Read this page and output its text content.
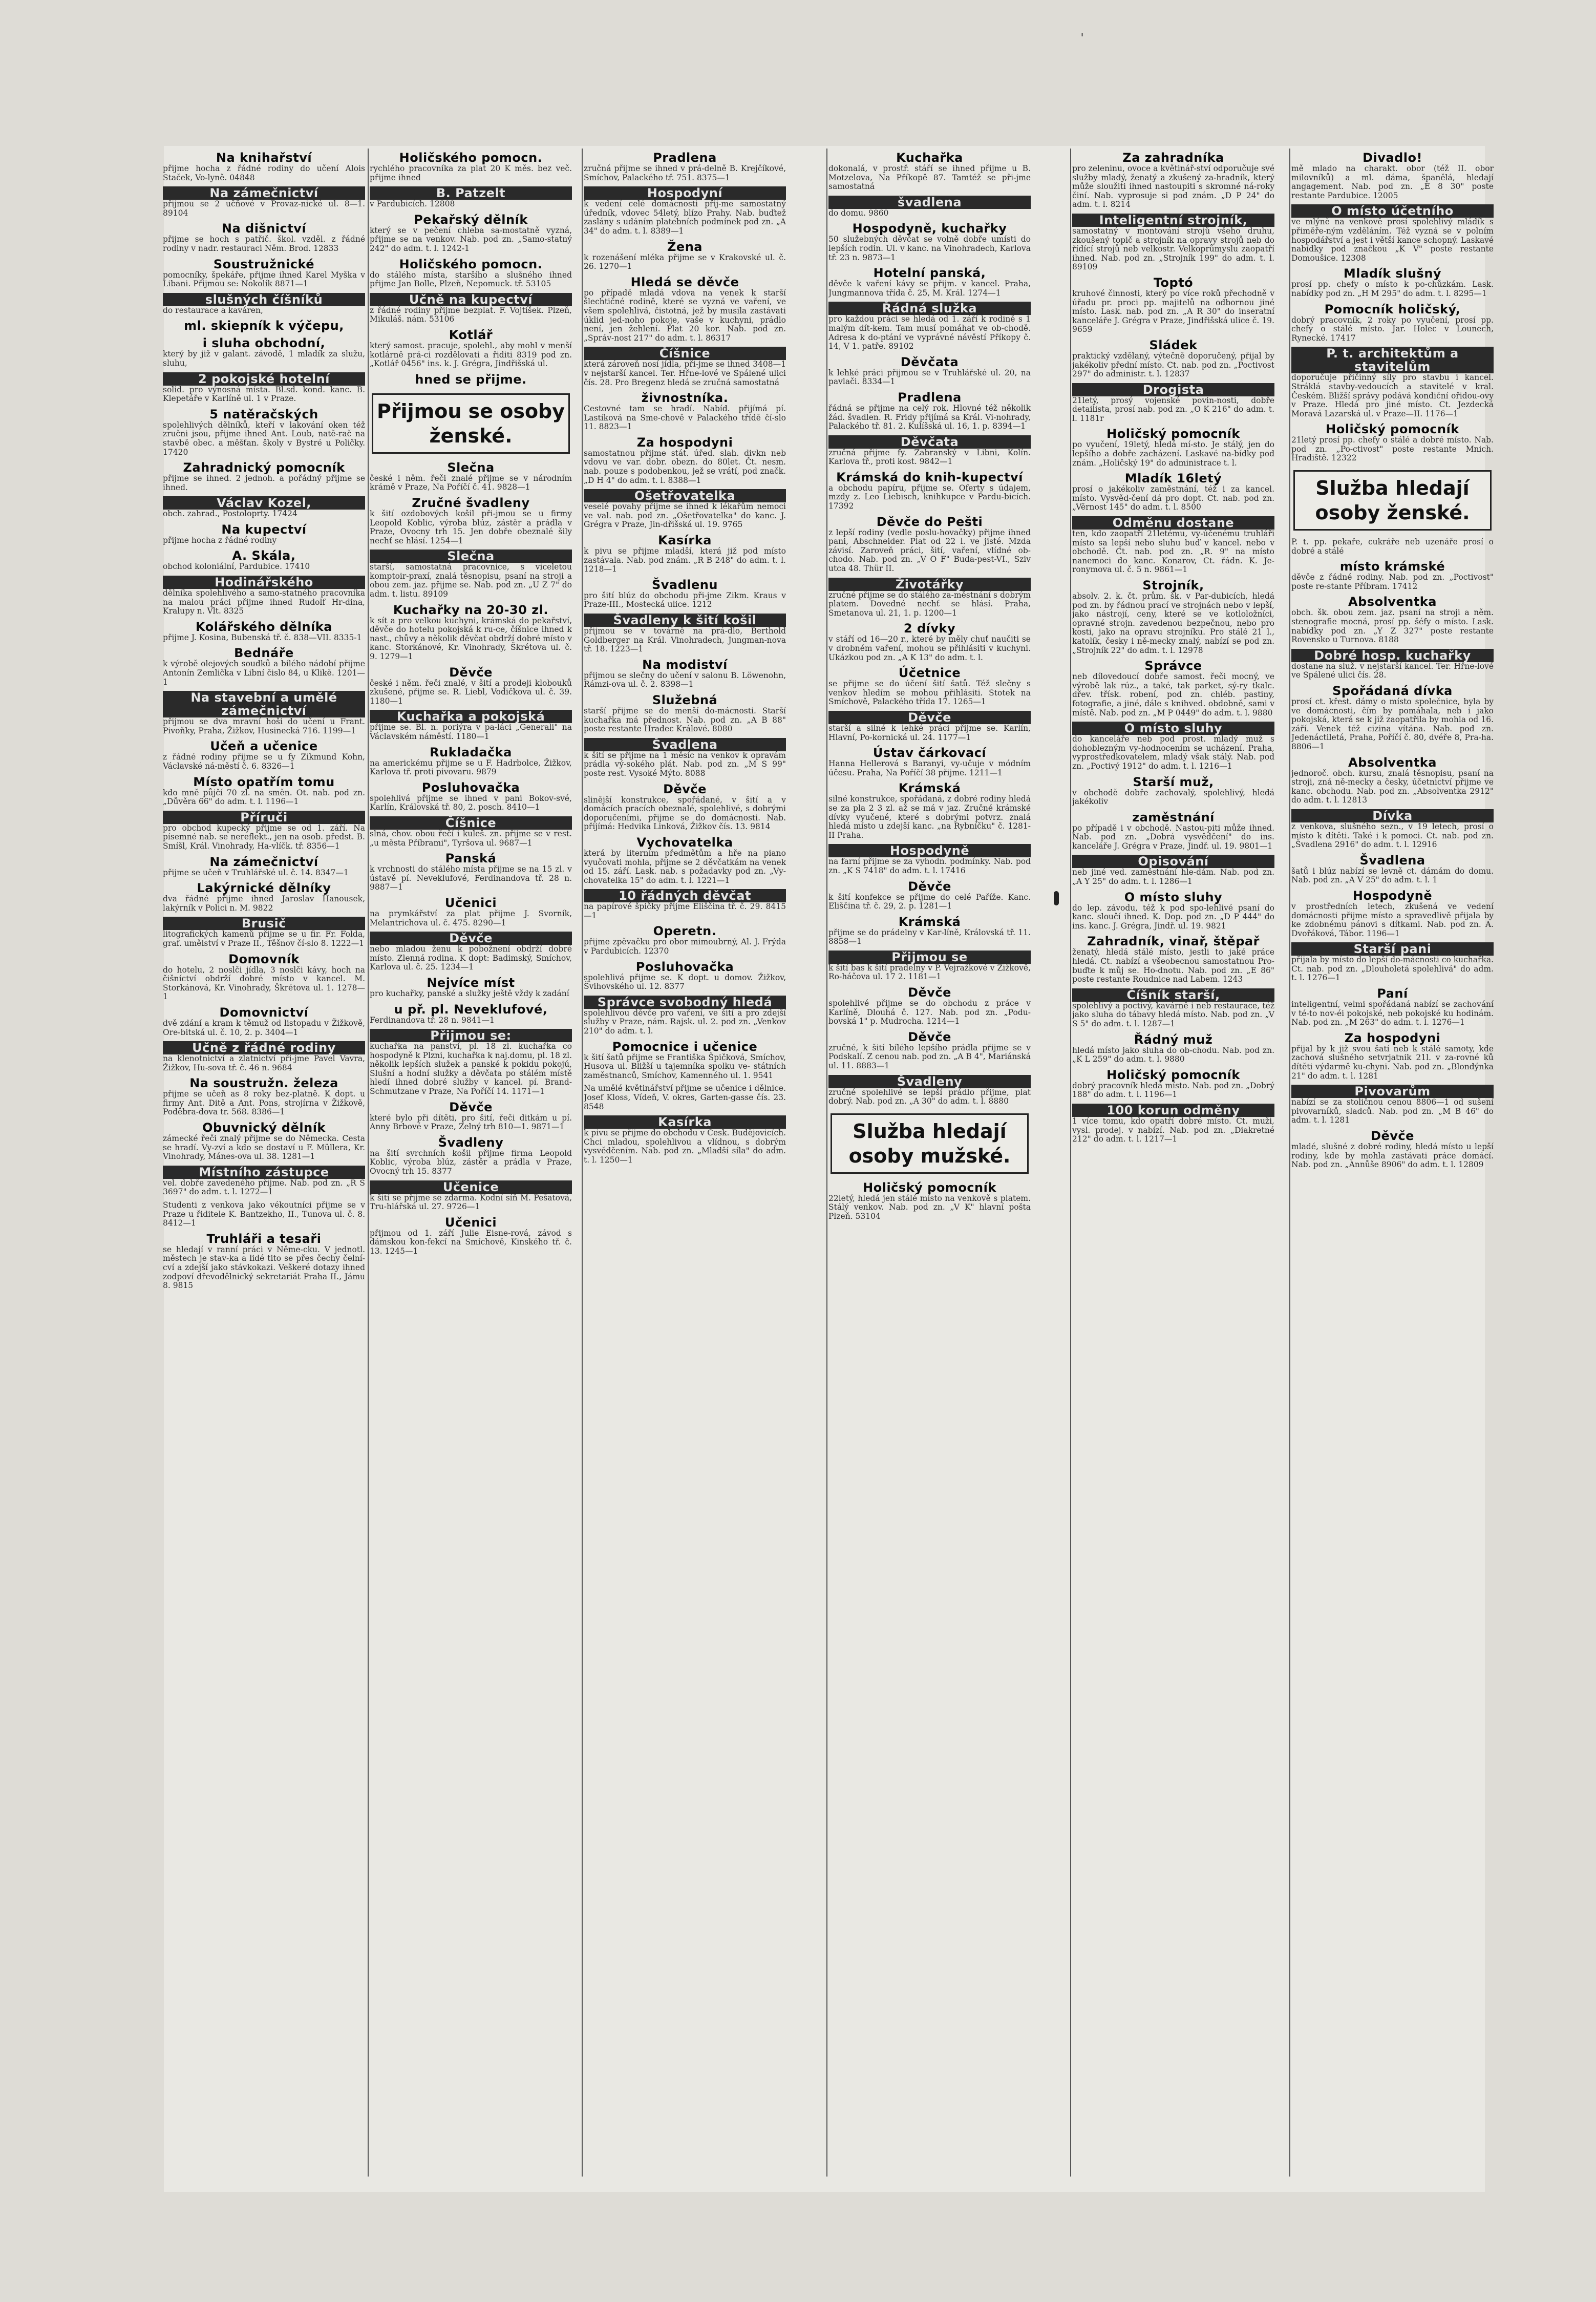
'
Na knihařství
přijme hocha z řádné rodiny do učení Alois Staček, Vo-lyně. 04848
Na zámečnictví
přijmou se 2 učňové v Provaz-nické ul. 8—1. 89104
Na dišnictví
přijme se hoch s patřič. škol. vzděl. z řádné rodiny v nadr. restauraci Něm. Brod. 12833
Soustružnické
pomocníky, špekáře, přijme ihned Karel Myška v Libani. Přijmou se: Nokolík 8871—1
slušných číšníků
do restaurace a kaváren,
ml. skiepník k výčepu,
i sluha obchodní,
který by již v galant. závodě, 1 mladík za služu, sluhu,
2 pokojské hotelní
solid. pro výnosná místa. Bl.sd. kond. kanc. B. Klepetáře v Karlíně ul. 1 v Praze.
5 natěračských
spolehlivých dělníků, kteří v lakování oken též zručni jsou, přijme ihned Ant. Loub, natě-rač na stavbě obec. a měšťan. školy v Bystré u Poličky. 17420
Zahradnický pomocník
přijme se ihned. 2 jednoh. a pořádný přijme se ihned.
Václav Kozel,
obch. zahrad., Postoloprty. 17424
Na kupectví
přijme hocha z řádné rodiny
A. Skála,
obchod koloniální, Pardubice. 17410
Hodinářského
dělníka spolehlivého a samo-statného pracovníka na malou práci přijme ihned Rudolf Hr-dina, Kralupy n. Vlt. 8325
Kolářského dělníka
přijme J. Kosina, Bubenská tř. č. 838—VII. 8335-1
Bednáře
k výrobě olejových soudků a bílého nádobí přijme Antonín Zemlička v Libní čislo 84, u Klikě. 1201—1
Na stavební a umělé zámečnictví
přijmou se dva mravní hoši do učení u Frant. Pivoňky, Praha, Žižkov, Husinecká 716. 1199—1
Učeň a učenice
z řádné rodiny přijme se u fy Zikmund Kohn, Václavské ná-městí č. 6. 8326—1
Místo opatřím tomu
kdo mně půjčí 70 zl. na směn. Ot. nab. pod zn. „Důvěra 66" do adm. t. l. 1196—1
Příruči
pro obchod kupecký přijme se od 1. září. Na písemné nab. se nereflekt., jen na osob. předst. B. Smíšl, Král. Vinohrady, Ha-vlíčk. tř. 8356—1
Na zámečnictví
přijme se učeň v Truhlářské ul. č. 14. 8347—1
Lakýrnické dělníky
dva řádné přijme ihned Jaroslav Hanousek, lakýrník v Polici n. M. 9822
Brusič
litografických kamenů přijme se u fir. Fr. Folda, graf. umělství v Praze II., Těšnov čí-slo 8. 1222—1
Domovník
do hotelu, 2 noslči jídla, 3 noslči kávy, hoch na čišníctví obdrží dobré místo v kancel. M. Storkánová, Kr. Vinohrady, Škrétova ul. 1. 1278—1
Domovnictví
dvě zdání a kram k těmuž od listopadu v Žižkově, Ore-bitská ul. č. 10, 2. p. 3404—1
Učně z řádné rodiny
na klenotnictví a zlatnictví při-jme Pavel Vavra, Žižkov, Hu-sova tř. č. 46 n. 9684
Na soustružn. železa
přijme se učeň as 8 roky bez-platně. K dopt. u firmy Ant. Ditě a Ant. Pons, strojírna v Žižkově, Poděbra-dova tr. 568. 8386—1
Obuvnický dělník
zámecké řeči znalý přijme se do Německa. Cesta se hradí. Vy-zví a kdo se dostaví u F. Müllera, Kr. Vinohrady, Mánes-ova ul. 38. 1281—1
Místního zástupce
vel. dobře zavedeného přijme. Nab. pod zn. „R S 3697" do adm. t. l. 1272—1
Studenti z venkova jako vékoutníci přijme se v Praze u řiditele K. Bantzekho, II., Tunova ul. č. 8. 8412—1
Truhláři a tesaři
se hledají v ranní práci v Něme-cku. V jednotl. městech je stav-ka a lidé tito se přes čechy čelní-cví a zdejší jako stávkokazi. Veškeré dotazy ihned zodpoví dřevodělnický sekretariát Praha II., Jámu 8. 9815
Holičského pomocn.
rychlého pracovníka za plat 20 K měs. bez več. přijme ihned
B. Patzelt
v Pardubicích. 12808
Pekařský dělník
který se v pečení chleba sa-mostatně vyzná, přijme se na venkov. Nab. pod zn. „Samo-statný 242" do adm. t. l. 1242-1
Holičského pomocn.
do stálého místa, staršího a slušného ihned přijme Jan Bolle, Plzeň, Nepomuck. tř. 53105
Učně na kupectví
z řádné rodiny přijme bezplat. F. Vojtíšek. Plzeň, Mikuláš. nám. 53106
Kotlář
který samost. pracuje, spolehl., aby mohl v menší kotlárně prá-ci rozdělovati a řiditi 8319 pod zn. „Kotlář 0456" ins. k. J. Grégra, Jindřišská ul.
hned se přijme.
Přijmou se osoby ženské.
Slečna
české i něm. řeči znalé přijme se v národním krámě v Praze, Na Poříčí č. 41. 9828—1
Zručné švadleny
k šití ozdobových košil při-jmou se u firmy Leopold Koblic, výroba blúz, zástěr a prádla v Praze, Ovocny trh 15. Jen dobře obeznalé šily nechť se hlásí. 1254—1
Slečna
starší, samostatná pracovnice, s viceletou komptoir-praxí, znalá těsnopisu, psaní na stroji a obou zem. jaz. přijme se. Nab. pod zn. „U Z 7" do adm. t. listu. 89109
Kuchařky na 20-30 zl.
k sít a pro velkou kuchyni, krámská do pekařství, děvče do hotelu pokojská k ru-ce, číšnice ihned k nast., chůvy a několik děvčat obdrží dobré místo v kanc. Storkánové, Kr. Vinohrady, Škrétova ul. č. 9. 1279—1
Děvče
české i něm. řeči znalé, v šití a prodeji klobouků zkušené, přijme se. R. Liebl, Vodičkova ul. č. 39. 1180—1
Kuchařka a pokojská
přijme se. Bl. n. poriýra v pa-láci „Generali" na Václavském náměstí. 1180—1
Rukladačka
na americkému přijme se u F. Hadrbolce, Žižkov, Karlova tř. proti pivovaru. 9879
Posluhovačka
spolehlivá přijme se ihned v pani Bokov-své, Karlín, Královská tř. 80, 2. posch. 8410—1
Číšnice
slná, chov. obou řečí i kuleš. zn. přijme se v rest. „u města Příbrami", Tyršova ul. 9687—1
Panská
k vrchnosti do stálého místa přijme se na 15 zl. v ústavě pí. Neveklufové, Ferdinandova tř. 28 n. 9887—1
Učenici
na prymkářství za plat přijme J. Svorník, Melantrichova ul. č. 475. 8290—1
Děvče
nebo mladou ženu k pobožnení obdrží dobré místo. Zlenná rodina. K dopt: Badimský, Smíchov, Karlova ul. č. 25. 1234—1
Nejvíce míst
pro kuchařky, panské a služky ještě vždy k zadání
u př. pl. Neveklufové,
Ferdinandova tř. 28 n. 9841—1
Přijmou se:
kuchařka na panství, pl. 18 zl. kuchařka co hospodyně k Plzni, kuchařka k naj.domu, pl. 18 zl. několik lepších služek a panské k pokidu pokojú, Slušní a hodní služky a děvčata po stálém místě hledí ihned dobré služby v kancel. pí. Brand-Schmutzane v Praze, Na Poříčí 14. 1171—1
Děvče
které bylo při dítěti, pro šití, řeči ditkám u pí. Anny Brbové v Praze, Zelný trh 810—1. 9871—1
Švadleny
na šití svrchních košil přijme firma Leopold Koblic, výroba blúz, zástěr a prádla v Praze, Ovocný trh 15. 8377
Učenice
k šití se přijme se zdarma. Kodní síň M. Pešatová, Tru-hlářská ul. 27. 9726—1
Učenici
přijmou od 1. září Julie Eisne-rová, závod s dámskou kon-fekcí na Smíchově, Kinského tř. č. 13. 1245—1
Pradlena
zručná přijme se ihned v prá-delně B. Krejčíkové, Smíchov, Palackého tř. 751. 8375—1
Hospodyní
k vedení celé domácnosti přij-me samostatný úředník, vdovec 54letý, blízo Prahy. Nab. buďtež zaslány s udáním platebních podmínek pod zn. „A 34" do adm. t. l. 8389—1
Žena
k rozenášení mléka přijme se v Krakovské ul. č. 26. 1270—1
Hledá se děvče
po případě mladá vdova na venek k starší šlechtičné rodině, které se vyzná ve vaření, ve všem spolehlivá, čistotná, jež by musila zastávati úklid jed-noho pokoje, vaše v kuchyni, prádlo není, jen žehlení. Plat 20 kor. Nab. pod zn. „Správ-nost 217" do adm. t. l. 86317
Číšnice
která zároveň nosí jídla, při-jme se ihned 3408—1 v nejstarší kancel. Ter. Hřne-lové ve Spálené ulici čís. 28. Pro Bregenz hledá se zručná samostatná
živnostníka.
Cestovné tam se hradí. Nabíd. přijímá pí. Lastíková na Sme-chově v Palackého třídě čí-slo 11. 8823—1
Za hospodyni
samostatnou přijme stát. úřed. slah. divkn neb vdovu ve var. dobr. obezn. do 80let. Čt. nesm. nab. pouze s podobenkou, jež se vrátí, pod značk. „D H 4" do adm. t. l. 8388—1
Ošetřovatelka
veselé povahy přijme se ihned k lékařům nemoci ve val. nab. pod zn. „Ošetřovatelka" do kanc. J. Grégra v Praze, Jin-dřišská ul. 19. 9765
Kasírka
k pivu se přijme mladší, která již pod místo zastávala. Nab. pod znám. „R B 248" do adm. t. l. 1218—1
Švadlenu
pro šití blúz do obchodu při-jme Zikm. Kraus v Praze-III., Mostecká ulice. 1212
Švadleny k šití košil
přijmou se v továrně na prá-dlo, Berthold Goldberger na Král. Vinohradech, Jungman-nova tř. 18. 1223—1
Na modiství
přijmou se slečny do učení v salonu B. Löwenohn, Rámzi-ova ul. č. 2. 8398—1
Služebná
starší přijme se do menší do-mácnosti. Starší kuchařka má přednost. Nab. pod zn. „A B 88" poste restante Hradec Králové. 8080
Švadlena
k šití se přijme na 1 měsíc na venkov k opravám prádla vý-sokého plát. Nab. pod zn. „M S 99" poste rest. Vysoké Mýto. 8088
Děvče
slinější konstrukce, spořádané, v šití a v domácích pracích obeznalé, spolehlivé, s dobrými doporučeními, přijme se do domácnosti. Nab. přijímá: Hedvika Linková, Žižkov čís. 13. 9814
Vychovatelka
která by literním předmětům a hře na piano vyučovati mohla, přijme se 2 děvčatkám na venek od 15. září. Lask. nab. s požadavky pod zn. „Vy-chovatelka 15" do adm. t. l. 1221—1
10 řádných děvčat
na papírové špičky přijme Eliščina tř. č. 29. 8415—1
Operetn.
přijme zpěvačku pro obor mimoubrný, Al. J. Frýda v Pardubicích. 12370
Posluhovačka
spolehlivá přijme se. K dopt. u domov. Žižkov, Švihovského ul. 12. 8377
Správce svobodný hledá
spolehlivou děvče pro vaření, ve šití a pro zdejší služby v Praze, nám. Rajsk. ul. 2. pod zn. „Venkov 210" do adm. t. l.
Pomocnice i učenice
k šití šatů přijme se Františka Špičková, Smíchov, Husova ul. Bližší u tajemníka spolku ve- státních zaměstnanců, Smíchov, Kamenného ul. 1. 9541
Na umělé květinářství přijme se učenice i dělnice. Josef Kloss, Vídeň, V. okres, Garten-gasse čís. 23. 8548
Kasírka
k pivu se přijme do obchodu v Česk. Budějovicích. Chci mladou, spolehlivou a vlídnou, s dobrým vysvědčením. Nab. pod zn. „Mladší síla" do adm. t. l. 1250—1
Kuchařka
dokonalá, v prostř. stáří se ihned přijme u B. Motzelova, Na Příkopě 87. Tamtéž se při-jme samostatná
švadlena
do domu. 9860
Hospodyně, kuchařky
50 služebných děvčat se volně dobře umísti do lepších rodin. Ul. v kanc. na Vinohradech, Karlova tř. 23 n. 9873—1
Hotelní panská,
děvče k vaření kávy se přijm. v kancel. Praha, Jungmannova třída č. 25, M. Král. 1274—1
Řádná služka
pro každou práci se hledá od 1. září k rodině s 1 malým dít-kem. Tam musí pomáhat ve ob-chodě. Adresa k do-ptání ve vyprávné návěstí Příkopy č. 14, V 1. patře. 89102
Děvčata
k lehké práci přijmou se v Truhlářské ul. 20, na pavlači. 8334—1
Pradlena
řádná se přijme na celý rok. Hlovné též několik žád. švadlen. R. Fridy přijímá sa Král. Vi-nohrady, Palackého tř. 81. 2. Kulíšská ul. 16, 1. p. 8394—1
Děvčata
zručná přijme fy. Zabranský v Libni, Kolín. Karlova tř., proti kost. 9842—1
Krámská do knih-kupectví
a obchodu papíru, přijme se. Oferty s údajem, mzdy z. Leo Liebisch, knihkupce v Pardu-bicích. 17392
Děvče do Pešti
z lepší rodiny (vedle poslu-hovačky) přijme ihned pani, Abschneider. Plat od 22 l. ve jisté. Mzda závisí. Zaroveň práci, šití, vaření, vlídné ob-chodo. Nab. pod zn. „V O F" Buda-pest-VI., Sziv utca 48. Thür II.
Životářky
zručné přijme se do stálého za-městnání s dobrým platem. Dovedné nechť se hlásí. Praha, Smetanova ul. 21, 1. p. 1200—1
2 dívky
v stáří od 16—20 r., které by měly chuť naučiti se v drobném vaření, mohou se přihlásiti v kuchyni. Ukázkou pod zn. „A K 13" do adm. t. l.
Účetnice
se přijme se do účení šití šatů. Též slečny s venkov hledím se mohou přihlásiti. Stotek na Smíchově, Palackého třída 17. 1265—1
Děvče
starší a silné k lehké práci přijme se. Karlín, Hlavní, Po-kornická ul. 24. 1177—1
Ústav čárkovací
Hanna Hellerová s Baranyi, vy-učuje v módním účesu. Praha, Na Poříčí 38 přijme. 1211—1
Krámská
silné konstrukce, spořádaná, z dobré rodiny hledá se za pla 2 3 zl. až se má v jaz. Zručné krámské dívky vyučené, které s dobrými potvrz. znalá hledá místo u zdejší kanc. „na Rybníčku" č. 1281-II Praha.
Hospodyně
na farní přijme se za vyhodn. podmínky. Nab. pod zn. „K S 7418" do adm. t. l. 17416
Děvče
k šití konfekce se přijme do celé Paříže. Kanc. Eliščina tř. č. 29, 2. p. 1281—1
Krámská
přijme se do prádelny v Kar-líně, Královská tř. 11. 8858—1
Přijmou se
k šití bas k šití pradelny v P. Vejražkové v Žižkově, Ro-háčova ul. 17 2. 1181—1
Děvče
spolehlivé přijme se do obchodu z práce v Karlíně, Dlouhá č. 127. Nab. pod zn. „Podu-bovská 1" p. Mudrocha. 1214—1
Děvče
zručné, k šití bílého lepšího prádla přijme se v Podskalí. Z cenou nab. pod zn. „A B 4", Mariánská ul. 11. 8883—1
Švadleny
zručné spolehlivé se lepší prádlo přijme, plat dobrý. Nab. pod zn. „A 30" do adm. t. l. 8880
Služba hledají osoby mužské.
Holičský pomocník
22letý, hledá jen stálé místo na venkově s platem. Stálý venkov. Nab. pod zn. „V K" hlavní pošta Plzeň. 53104
Za zahradníka
pro zeleninu, ovoce a květinář-ství odporučuje své služby mladý, ženatý a zkušený za-hradník, který může sloužiti ihned nastoupiti s skromné ná-roky činí. Nab. vyprosuje si pod znám. „D P 24" do adm. t. l. 8214
Inteligentní strojník,
samostatný v montování strojů všeho druhu, zkoušený topič a strojník na opravy strojů neb do řídící strojů neb velkostr. Velkoprůmyslu zaopatří ihned. Nab. pod zn. „Strojník 199" do adm. t. l. 89109
Toptó
kruhové činnosti, který po více roků přechodně v úřadu pr. proci pp. majitelů na odbornou jiné místo. Lask. nab. pod zn. „A R 30" do inseratní kanceláře J. Grégra v Praze, Jindřišská ulice č. 19. 9659
Sládek
praktický vzdělaný, výtečně doporučený, přijal by jakékoliv přední místo. Ct. nab. pod zn. „Poctivost 297" do administr. t. l. 12837
Drogista
21letý, prosý vojenské povin-nosti, dobře detailista, prosí nab. pod zn. „O K 216" do adm. t. l. 1181r
Holičský pomocník
po vyučení, 19letý, hledá mí-sto. Je stálý, jen do lepšího a dobře zacházení. Laskavé na-bídky pod znám. „Holičský 19" do administrace t. l.
Mladík 16letý
prosí o jakékoliv zaměstnání, též i za kancel. místo. Vysvěd-čení dá pro dopt. Ct. nab. pod zn. „Věrnost 145" do adm. t. l. 8500
Odměnu dostane
ten, kdo zaopatří 21letému, vy-účenému truhláři místo sa lepší nebo sluhu buď v kancel. nebo v obchodě. Ct. nab. pod zn. „R. 9" na místo nanemoci do kanc. Konarov, Ct. řádn. K. Je-ronymova ul. č. 5 n. 9861—1
Strojník,
absolv. 2. k. čt. prům. šk. v Par-dubicích, hledá pod zn. by řádnou prací ve strojnách nebo v lepší, jako nástrojí, ceny, které se ve kotloložníci, opravné strojn. zavedenou bezpečnou, nebo pro kosti, jako na opravu strojníku. Pro stálé 21 l., katolík, česky i ně-mecky znalý, nabízí se pod zn. „Strojník 22" do adm. t. l. 12978
Správce
neb dílovedoucí dobře samost. řeči mocný, ve výrobě lak rúz., a také, tak parket, sý-ry tkalc. dřev. třísk. robení, pod zn. chléb. pastiny, fotografie, a jiné, dále s knihved. obdobně, sami v místě. Nab. pod zn. „M P 0449" do adm. t. l. 9880
O místo sluhy
do kanceláře neb pod prost. mladý muž s dohoblezným vy-hodnocením se ucházení. Praha, vyprostředkovatelem, mladý však stálý. Nab. pod zn. „Poctivý 1912" do adm. t. l. 1216—1
Starší muž,
v obchodě dobře zachovalý, spolehlivý, hledá jakékoliv
zaměstnání
po případě i v obchodě. Nastou-piti může ihned. Nab. pod zn. „Dobrá vysvědčení" do ins. kanceláře J. Grégra v Praze, Jindř. ul. 19. 9801—1
Opisování
neb jiné ved. zaměstnání hle-dám. Nab. pod zn. „A Y 25" do adm. t. l. 1286—1
O místo sluhy
do lep. závodu, též k pod spo-lehlivé psaní do kanc. sloučí ihned. K. Dop. pod zn. „D P 444" do ins. kanc. J. Grégra, Jindř. ul. 19. 9821
Zahradník, vinař, štěpař
ženatý, hledá stálé místo, jestli to jaké práce hledá. Ct. nabízí a všeobecnou samostatnou Pro-buďte k můj se. Ho-dnotu. Nab. pod zn. „E 86" poste restante Roudnice nad Labem. 1243
Číšník starší,
spolehlivý a poctivý, kavárně i neb restaurace, též jako sluha do tábavy hledá místo. Nab. pod zn. „V S 5" do adm. t. l. 1287—1
Řádný muž
hledá místo jako sluha do ob-chodu. Nab. pod zn. „K L 259" do adm. t. l. 9880
Holičský pomocník
dobrý pracovník hledá místo. Nab. pod zn. „Dobrý 188" do adm. t. l. 1196—1
100 korun odměny
1 více tomu, kdo opatří dobré místo. Ct. muži, vysl. prodej. v nabízí. Nab. pod zn. „Diakretné 212" do adm. t. l. 1217—1
Divadlo!
mě mlado na charakt. obor (též II. obor milovníků) a ml. dáma, španělá, hledají angagement. Nab. pod zn. „E 8 30" poste restante Pardubice. 12005
O místo účetního
ve mlýně na venkově prosí spolehlivý mládík s přiměře-ným vzděláním. Též vyzná se v polním hospodářství a jest i větší kance schopný. Laskavé nabídky pod značkou „K V" poste restante Domoušice. 12308
Mladík slušný
prosí pp. chefy o místo k po-chůzkám. Lask. nabídky pod zn. „H M 295" do adm. t. l. 8295—1
Pomocník holičský,
dobrý pracovník, 2 roky po vyučení, prosí pp. chefy o stálé místo. Jar. Holec v Lounech, Rynecké. 17417
P. t. architektům a stavitelům
doporučuje přičinný síly pro stavbu i kancel. Stráklá stavby-vedoucích a stavitelé v kral. Českém. Bližší správy podává kondiční ořidou-ovy v Praze. Hledá pro jiné místo. Ct. Jezdecká Moravá Lazarská ul. v Praze—II. 1176—1
Holičský pomocník
21letý prosí pp. chefy o stálé a dobré místo. Nab. pod zn. „Po-ctivost" poste restante Mnich. Hradiště. 12322
Služba hledají osoby ženské.
P. t. pp. pekaře, cukráře neb uzenáře prosí o dobré a stálé
místo krámské
děvče z řádné rodiny. Nab. pod zn. „Poctivost" poste re-stante Příbram. 17412
Absolventka
obch. šk. obou zem. jaz. psaní na stroji a něm. stenografie mocná, prosí pp. šéfy o místo. Lask. nabídky pod zn. „Y Z 327" poste restante Rovensko u Turnova. 8188
Dobré hosp. kuchařky
dostane na služ. v nejstarší kancel. Ter. Hřne-lové ve Spálené ulici čís. 28.
Spořádaná dívka
prosí ct. křest. dámy o místo společnice, byla by ve domácnosti, čím by pomáhala, neb i jako pokojská, která se k již zaopatřila by mohla od 16. září. Venek též cizina vítána. Nab. pod zn. Jedenáctiletá, Praha, Poříčí č. 80, dvéře 8, Pra-ha. 8806—1
Absolventka
jednoroč. obch. kursu, znalá těsnopisu, psaní na stroji, zná ně-mecky a česky, účetnictví přijme ve kanc. obchodu. Nab. pod zn. „Absolventka 2912" do adm. t. l. 12813
Dívka
z venkova, slušného sezn., v 19 letech, prosí o místo k dítěti. Také i k pomoci. Ct. nab. pod zn. „Švadlena 2916" do adm. t. l. 12916
Švadlena
šatů i blúz nabízí se levně ct. dámám do domu. Nab. pod zn. „A V 25" do adm. t. l. 1
Hospodyně
v prostředních letech, zkušená ve vedení domácnosti přijme místo a spravedlivě přijala by ke zdobnému pánovi s dítkami. Nab. pod zn. A. Dvořáková, Tábor. 1196—1
Starší pani
přijala by místo do lepší do-mácnosti co kuchařka. Ct. nab. pod zn. „Dlouholetá spolehlivá" do adm. t. l. 1276—1
Paní
inteligentní, velmi spořádaná nabízí se zachování v té-to nov-éi pokojské, neb pokojské ku hodinám. Nab. pod zn. „M 263" do adm. t. l. 1276—1
Za hospodyni
přijal by k již svou šatí neb k stálé samoty, kde zachová slušného setvrjatnik 21l. v za-rovné ků dítěti výdarmě ku-chyni. Nab. pod zn. „Blondýnka 21" do adm. t. l. 1281
Pivovarům
nabízí se za stoličnou cenou 8806—1 od sušení pivovarníků, sladců. Nab. pod zn. „M B 46" do adm. t. l. 1281
Děvče
mladé, slušné z dobré rodiny, hledá místo u lepší rodiny, kde by mohla zastávati práce domácí. Nab. pod zn. „Annůše 8906" do adm. t. l. 12809
